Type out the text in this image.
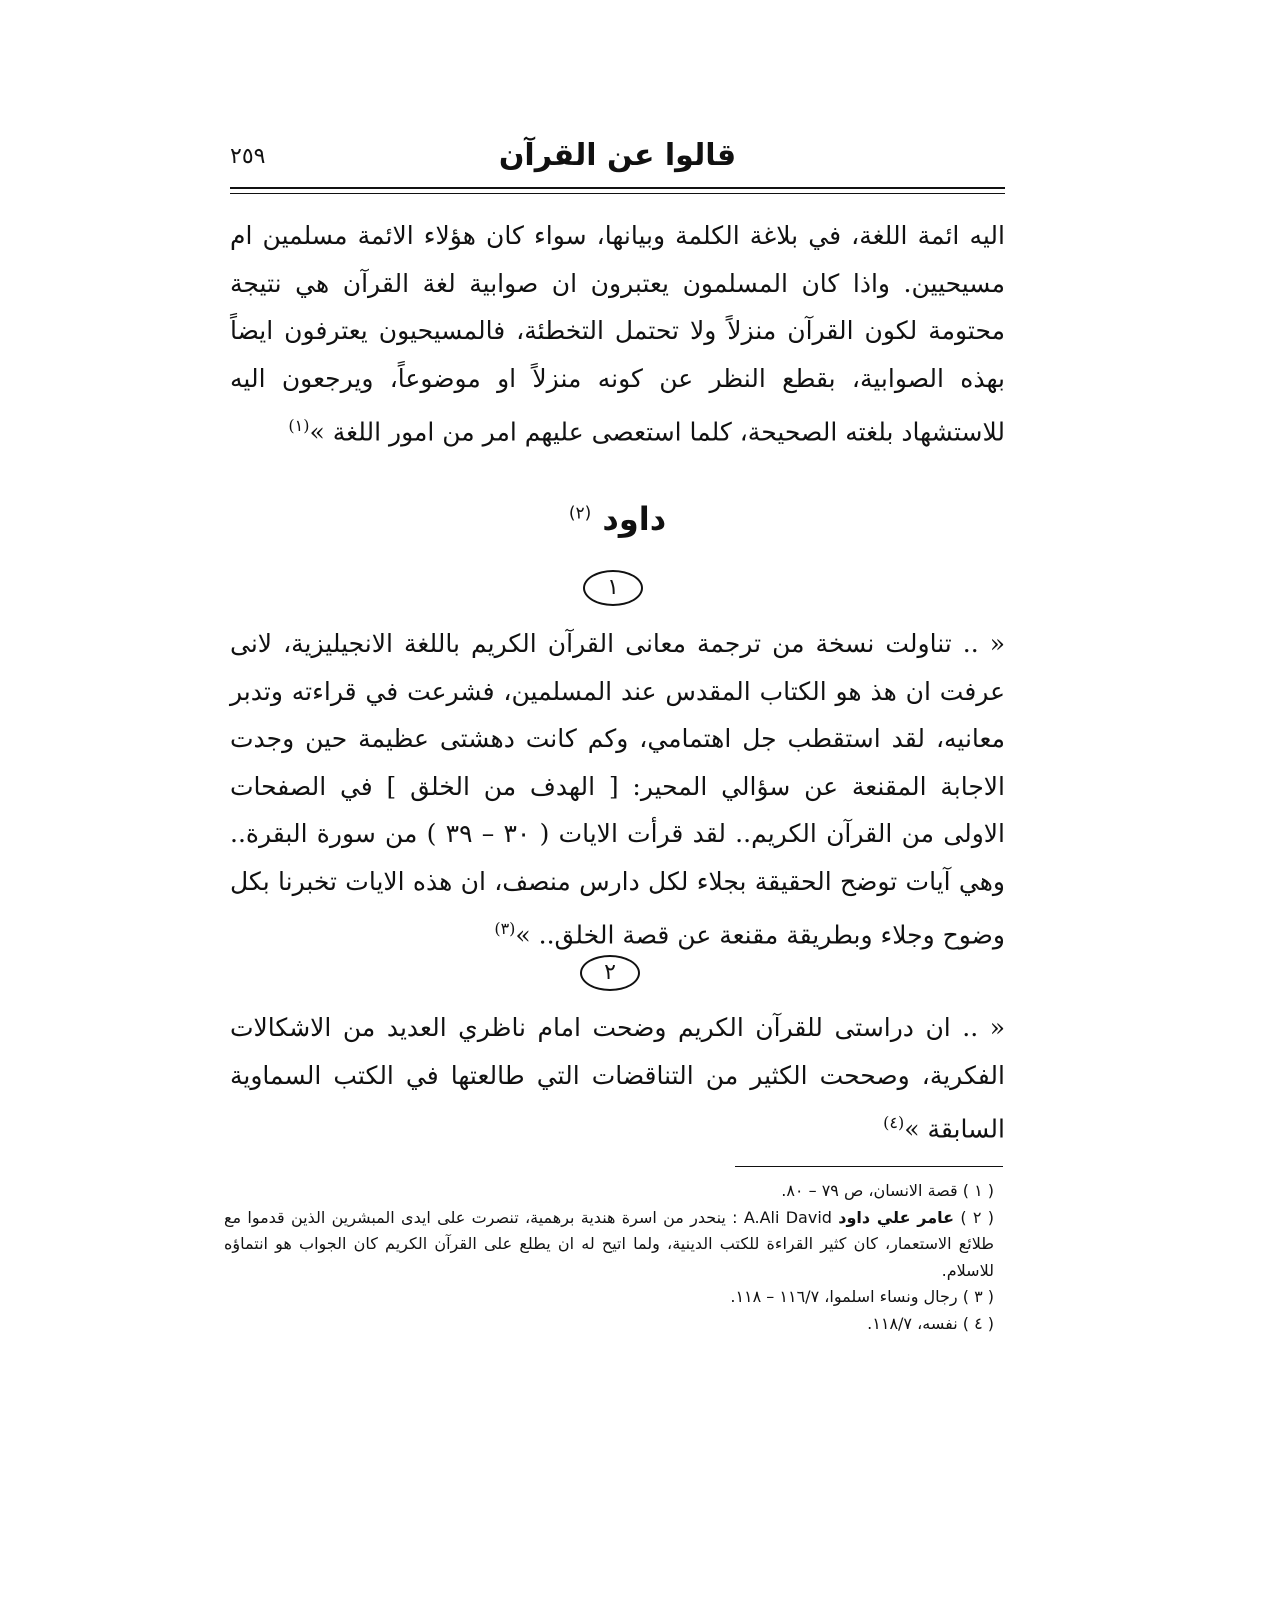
قالوا عن القرآن
٢٥٩
اليه ائمة اللغة، في بلاغة الكلمة وبيانها، سواء كان هؤلاء الائمة مسلمين ام مسيحيين. واذا كان المسلمون يعتبرون ان صوابية لغة القرآن هي نتيجة محتومة لكون القرآن منزلاً ولا تحتمل التخطئة، فالمسيحيون يعترفون ايضاً بهذه الصوابية، بقطع النظر عن كونه منزلاً او موضوعاً، ويرجعون اليه للاستشهاد بلغته الصحيحة، كلما استعصى عليهم امر من امور اللغة »$^{(١)}$
داود $^{(٢)}$
١
« .. تناولت نسخة من ترجمة معانى القرآن الكريم باللغة الانجيليزية، لانى عرفت ان هذ هو الكتاب المقدس عند المسلمين، فشرعت في قراءته وتدبر معانيه، لقد استقطب جل اهتمامي، وكم كانت دهشتى عظيمة حين وجدت الاجابة المقنعة عن سؤالي المحير: [ الهدف من الخلق ] في الصفحات الاولى من القرآن الكريم.. لقد قرأت الايات ( ٣٠ – ٣٩ ) من سورة البقرة.. وهي آيات توضح الحقيقة بجلاء لكل دارس منصف، ان هذه الايات تخبرنا بكل وضوح وجلاء وبطريقة مقنعة عن قصة الخلق.. »$^{(٣)}$
٢
« .. ان دراستى للقرآن الكريم وضحت امام ناظري العديد من الاشكالات الفكرية، وصححت الكثير من التناقضات التي طالعتها في الكتب السماوية السابقة »$^{(٤)}$

( ١ ) قصة الانسان، ص ٧٩ – ٨٠.

( ٢ ) عامر علي داود A.Ali David : ينحدر من اسرة هندية برهمية، تنصرت على ايدى المبشرين الذين قدموا مع طلائع الاستعمار، كان كثير القراءة للكتب الدينية، ولما اتيح له ان يطلع على القرآن الكريم كان الجواب هو انتماؤه للاسلام.

( ٣ ) رجال ونساء اسلموا، ١١٦/٧ – ١١٨.

( ٤ ) نفسه، ١١٨/٧.
